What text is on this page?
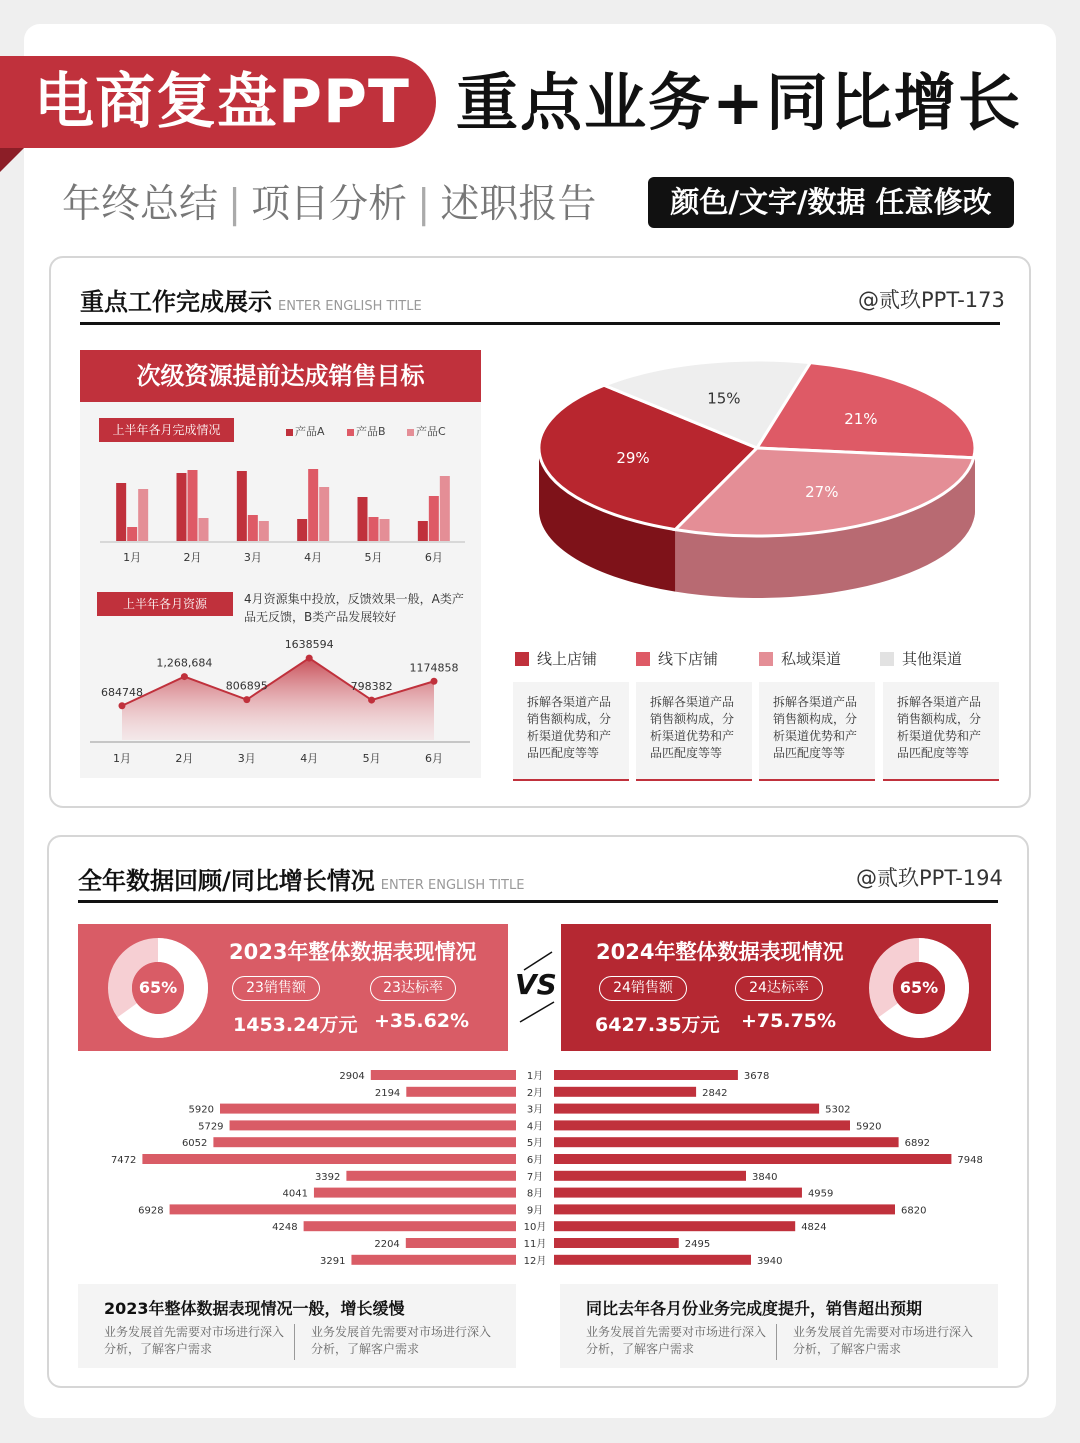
电商复盘PPT 重点业务+同比增长
年终总结 | 项目分析 | 述职报告	颜色/文字/数据 任意修改
重点工作完成展示 ENTER ENGLISH TITLE	@贰玖PPT-173
次级资源提前达成销售目标
上半年各月完成情况	产品A	产品B	产品C
1月	2月	3月	4月	5月	6月
上半年各月资源	4月资源集中投放，反馈效果一般，A类产品无反馈，B类产品发展较好
684748
1月
1,268,684
2月
806895
3月
1638594
4月
798382
5月
1174858
6月
29%
15%
21%
27%
线上店铺	线下店铺	私域渠道	其他渠道
拆解各渠道产品销售额构成，分析渠道优势和产品匹配度等等
拆解各渠道产品销售额构成，分析渠道优势和产品匹配度等等
拆解各渠道产品销售额构成，分析渠道优势和产品匹配度等等
拆解各渠道产品销售额构成，分析渠道优势和产品匹配度等等
全年数据回顾/同比增长情况 ENTER ENGLISH TITLE	@贰玖PPT-194
65%
2023年整体数据表现情况
23销售额	23达标率
1453.24万元 +35.62%
VS
2024年整体数据表现情况
24销售额	24达标率
6427.35万元 +75.75%
65%
2904	3678
1月
2194	2842
2月
5920	5302
3月
5729	5920
4月
6052	6892
5月
7472	7948
6月
3392	3840
7月
4041	4959
8月
6928	6820
9月
4248	4824
10月
2204	2495
11月
3291	3940
12月
2023年整体数据表现情况一般，增长缓慢
业务发展首先需要对市场进行深入分析，了解客户需求
业务发展首先需要对市场进行深入分析，了解客户需求
同比去年各月份业务完成度提升，销售超出预期
业务发展首先需要对市场进行深入分析，了解客户需求
业务发展首先需要对市场进行深入分析，了解客户需求
